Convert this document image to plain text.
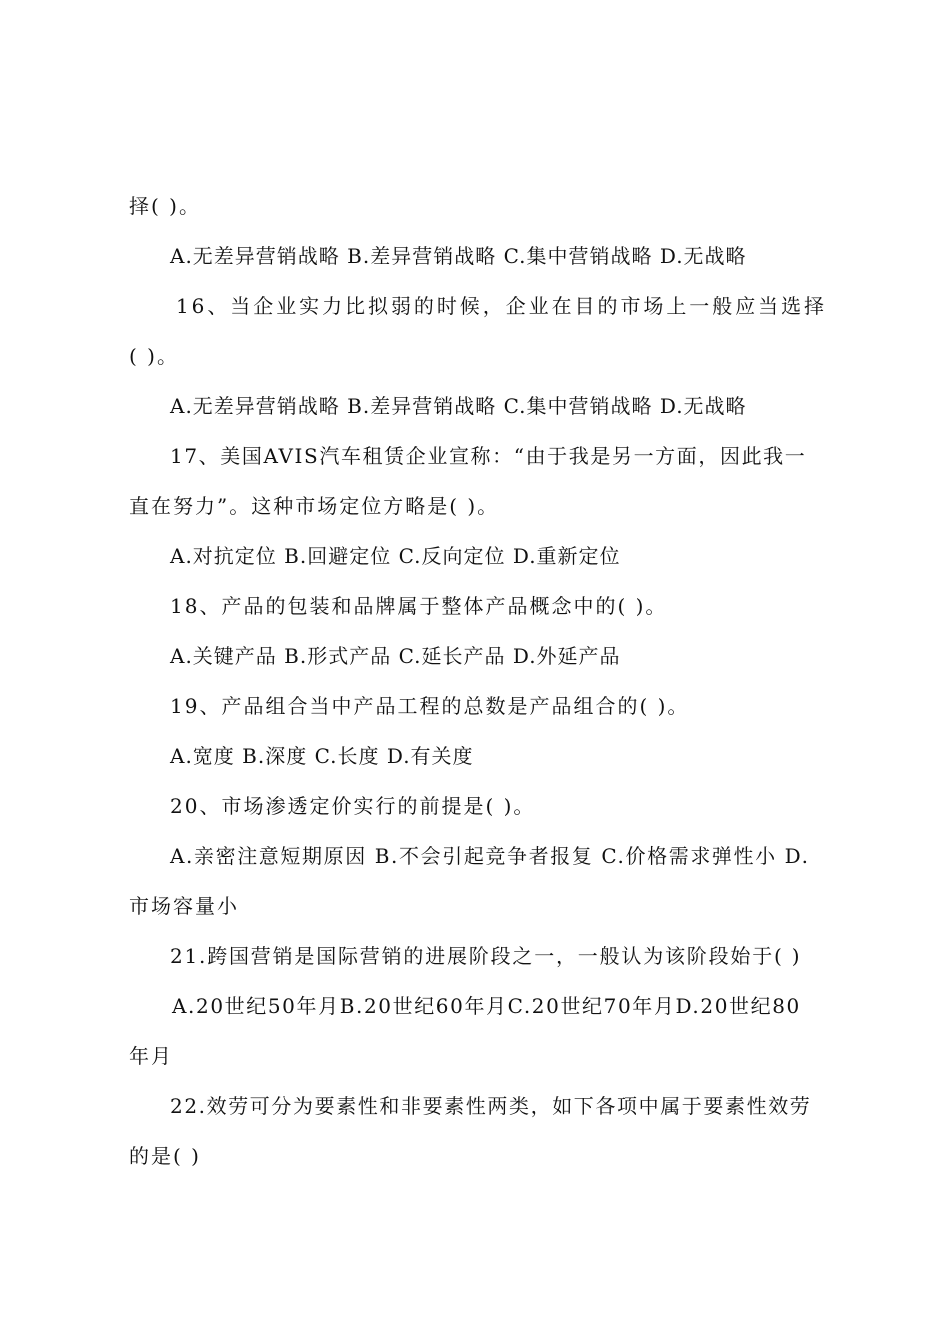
择( )。
A.无差异营销战略 B.差异营销战略 C.集中营销战略 D.无战略
16、当企业实力比拟弱的时候，企业在目的市场上一般应当选择
( )。
A.无差异营销战略 B.差异营销战略 C.集中营销战略 D.无战略
17、美国AVIS汽车租赁企业宣称：“由于我是另一方面，因此我一
直在努力”。这种市场定位方略是( )。
A.对抗定位 B.回避定位 C.反向定位 D.重新定位
18、产品的包装和品牌属于整体产品概念中的( )。
A.关键产品 B.形式产品 C.延长产品 D.外延产品
19、产品组合当中产品工程的总数是产品组合的( )。
A.宽度 B.深度 C.长度 D.有关度
20、市场渗透定价实行的前提是( )。
A.亲密注意短期原因 B.不会引起竞争者报复 C.价格需求弹性小 D.
市场容量小
21.跨国营销是国际营销的进展阶段之一，一般认为该阶段始于( )
A.20世纪50年月B.20世纪60年月C.20世纪70年月D.20世纪80
年月
22.效劳可分为要素性和非要素性两类，如下各项中属于要素性效劳
的是( )
